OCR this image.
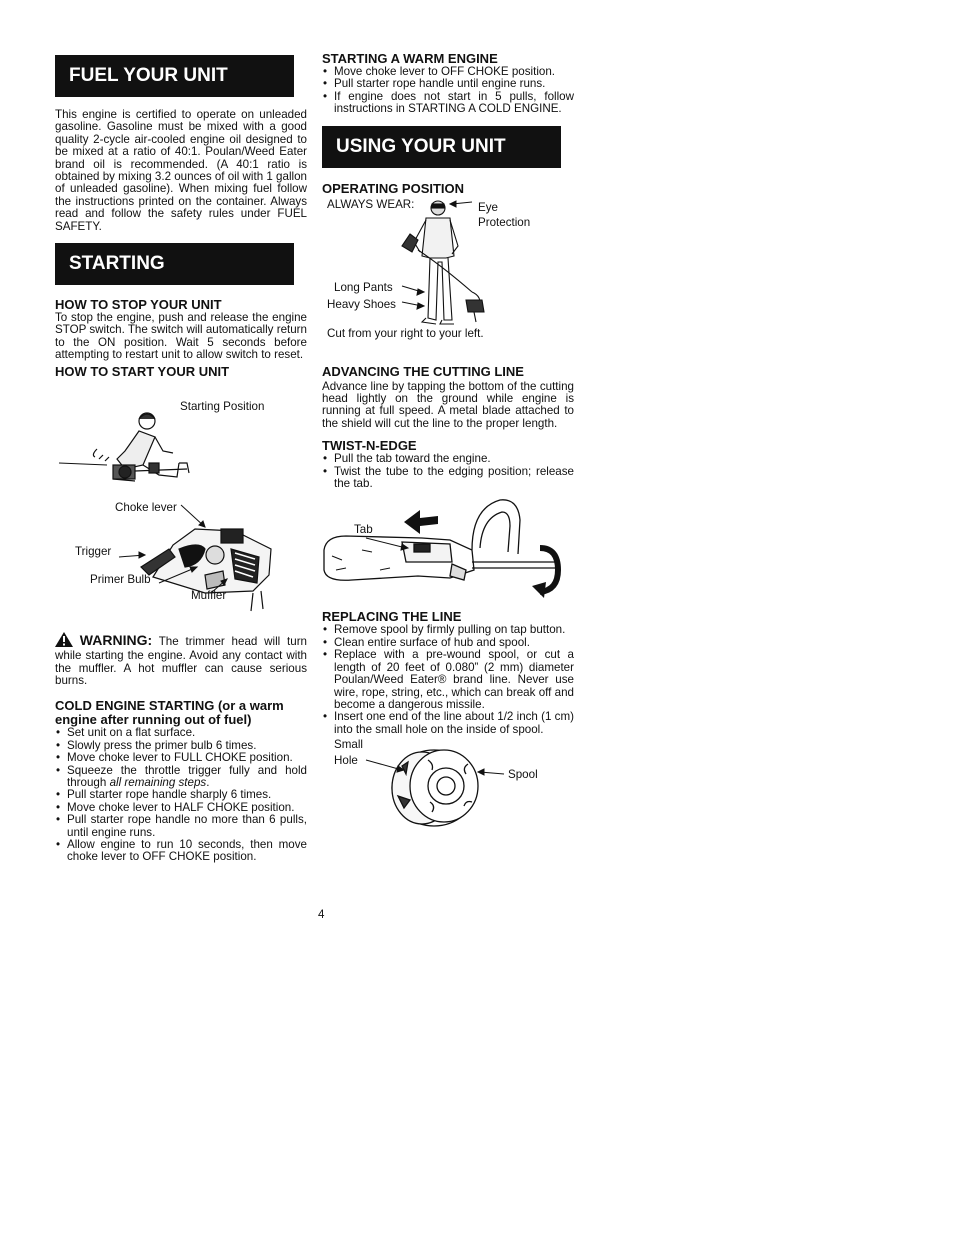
FUEL YOUR UNIT

This engine is certified to operate on unleaded gasoline. Gasoline must be mixed with a good quality 2-cycle air-cooled engine oil designed to be mixed at a ratio of 40:1. Poulan/Weed Eater brand oil is recommended. (A 40:1 ratio is obtained by mixing 3.2 ounces of oil with 1 gallon of unleaded gasoline). When mixing fuel follow the instructions printed on the container. Always read and follow the safety rules under FUEL SAFETY.

STARTING
HOW TO STOP YOUR UNIT

To stop the engine, push and release the engine STOP switch. The switch will automatically return to the ON position. Wait 5 seconds before attempting to restart unit to allow switch to reset.

HOW TO START YOUR UNIT
Starting Position
Choke lever
Trigger
Primer Bulb
Muffler

WARNING: The trimmer head will turn while starting the engine. Avoid any contact with the muffler. A hot muffler can cause serious burns.

COLD ENGINE STARTING (or a warm engine after running out of fuel)
• Set unit on a flat surface.
• Slowly press the primer bulb 6 times.
• Move choke lever to FULL CHOKE position.
• Squeeze the throttle trigger fully and hold through all remaining steps.
• Pull starter rope handle sharply 6 times.
• Move choke lever to HALF CHOKE position.
• Pull starter rope handle no more than 6 pulls, until engine runs.
• Allow engine to run 10 seconds, then move choke lever to OFF CHOKE position.
STARTING A WARM ENGINE
• Move choke lever to OFF CHOKE position.
• Pull starter rope handle until engine runs.
• If engine does not start in 5 pulls, follow instructions in STARTING A COLD ENGINE.
USING YOUR UNIT
OPERATING POSITION
ALWAYS WEAR:	Eye
Protection
Long Pants
Heavy Shoes
Cut from your right to your left.
ADVANCING THE CUTTING LINE

Advance line by tapping the bottom of the cutting head lightly on the ground while engine is running at full speed. A metal blade attached to the shield will cut the line to the proper length.

TWIST-N-EDGE
• Pull the tab toward the engine.
• Twist the tube to the edging position; release the tab.
Tab
REPLACING THE LINE
• Remove spool by firmly pulling on tap button.
• Clean entire surface of hub and spool.
• Replace with a pre-wound spool, or cut a length of 20 feet of 0.080” (2 mm) diameter Poulan/Weed Eater® brand line. Never use wire, rope, string, etc., which can break off and become a dangerous missile.
• Insert one end of the line about 1/2 inch (1 cm) into the small hole on the inside of spool.
Small
Hole
Spool
4
